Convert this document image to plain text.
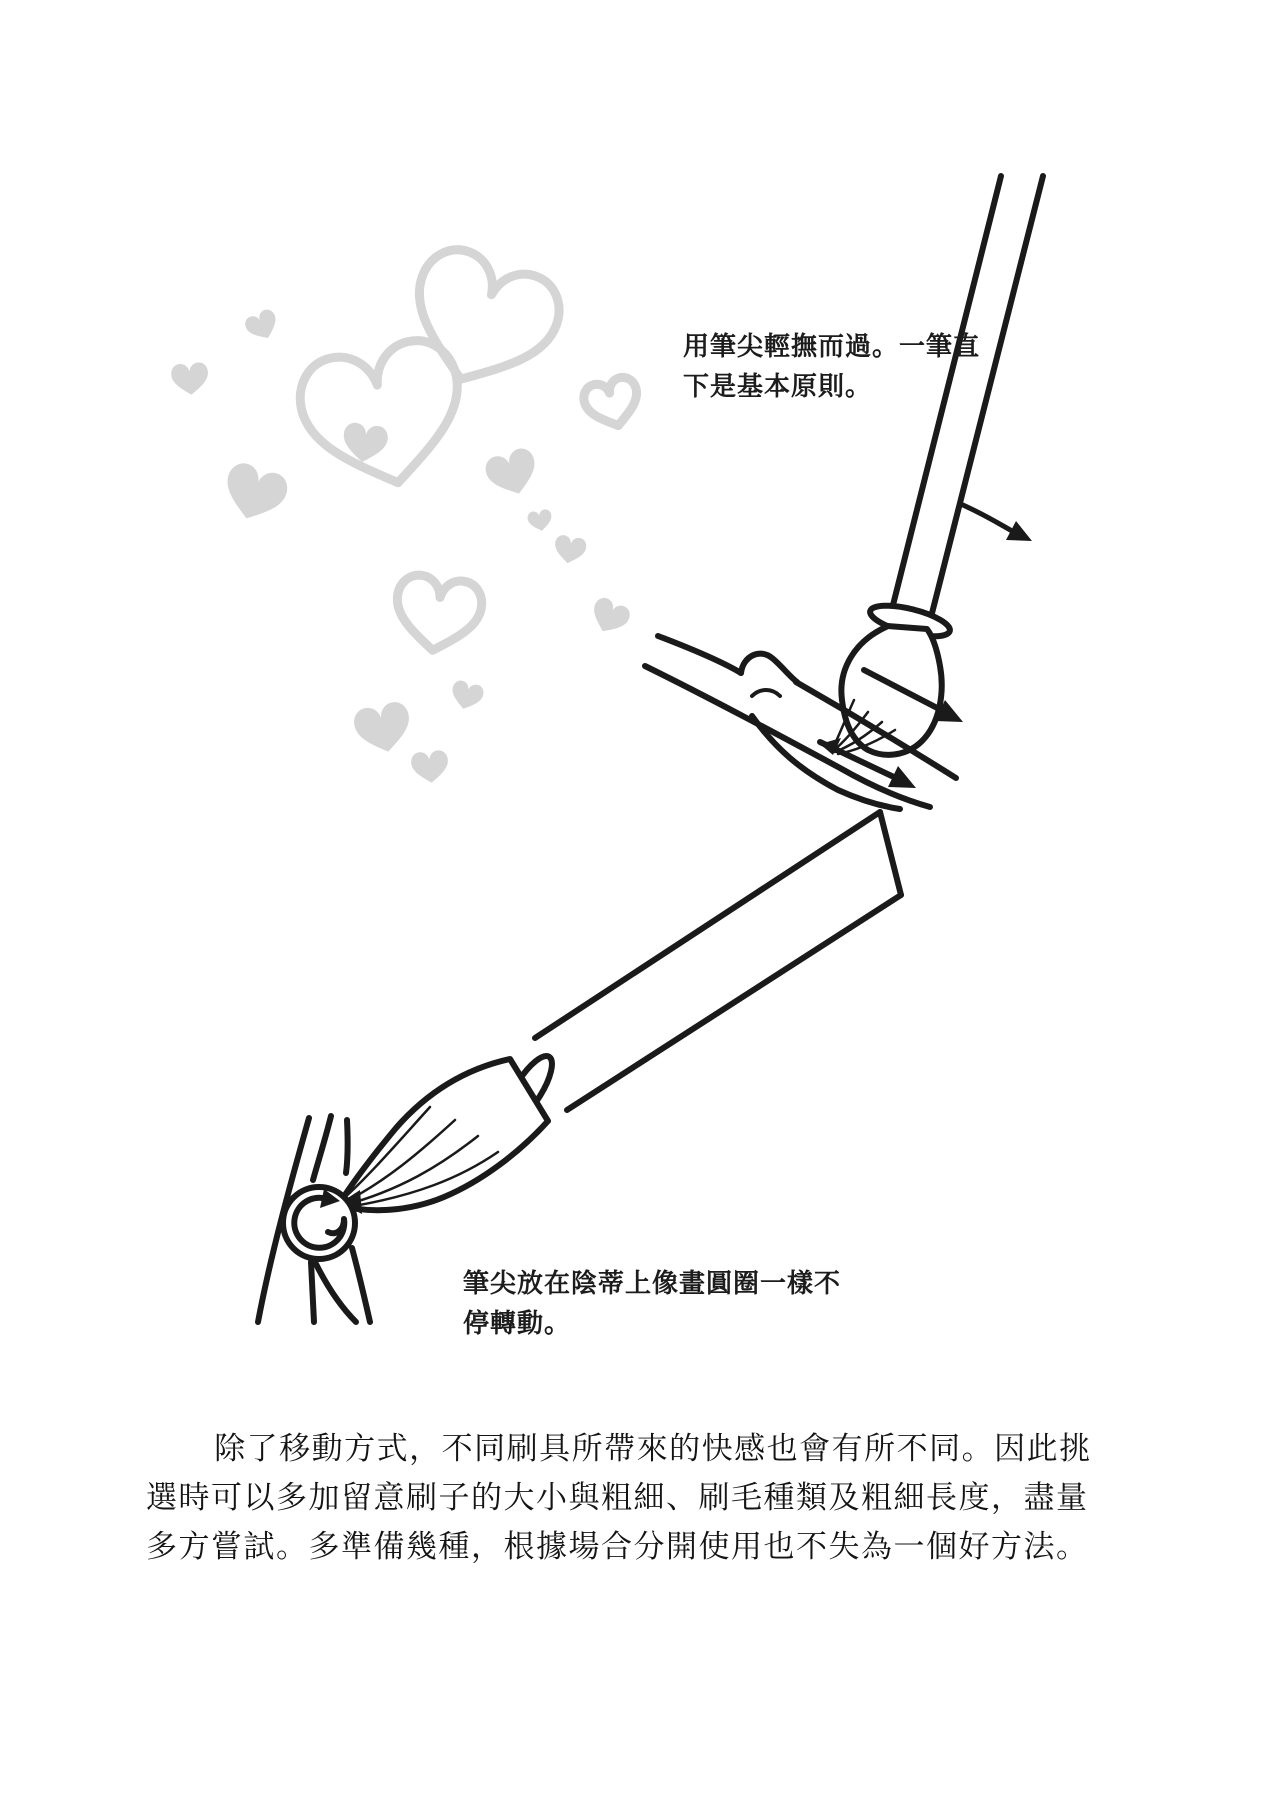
用筆尖輕撫而過。一筆直
下是基本原則。
筆尖放在陰蒂上像畫圓圈一樣不
停轉動。
除了移動方式，不同刷具所帶來的快感也會有所不同。因此挑
選時可以多加留意刷子的大小與粗細、刷毛種類及粗細長度，盡量
多方嘗試。多準備幾種，根據場合分開使用也不失為一個好方法。
